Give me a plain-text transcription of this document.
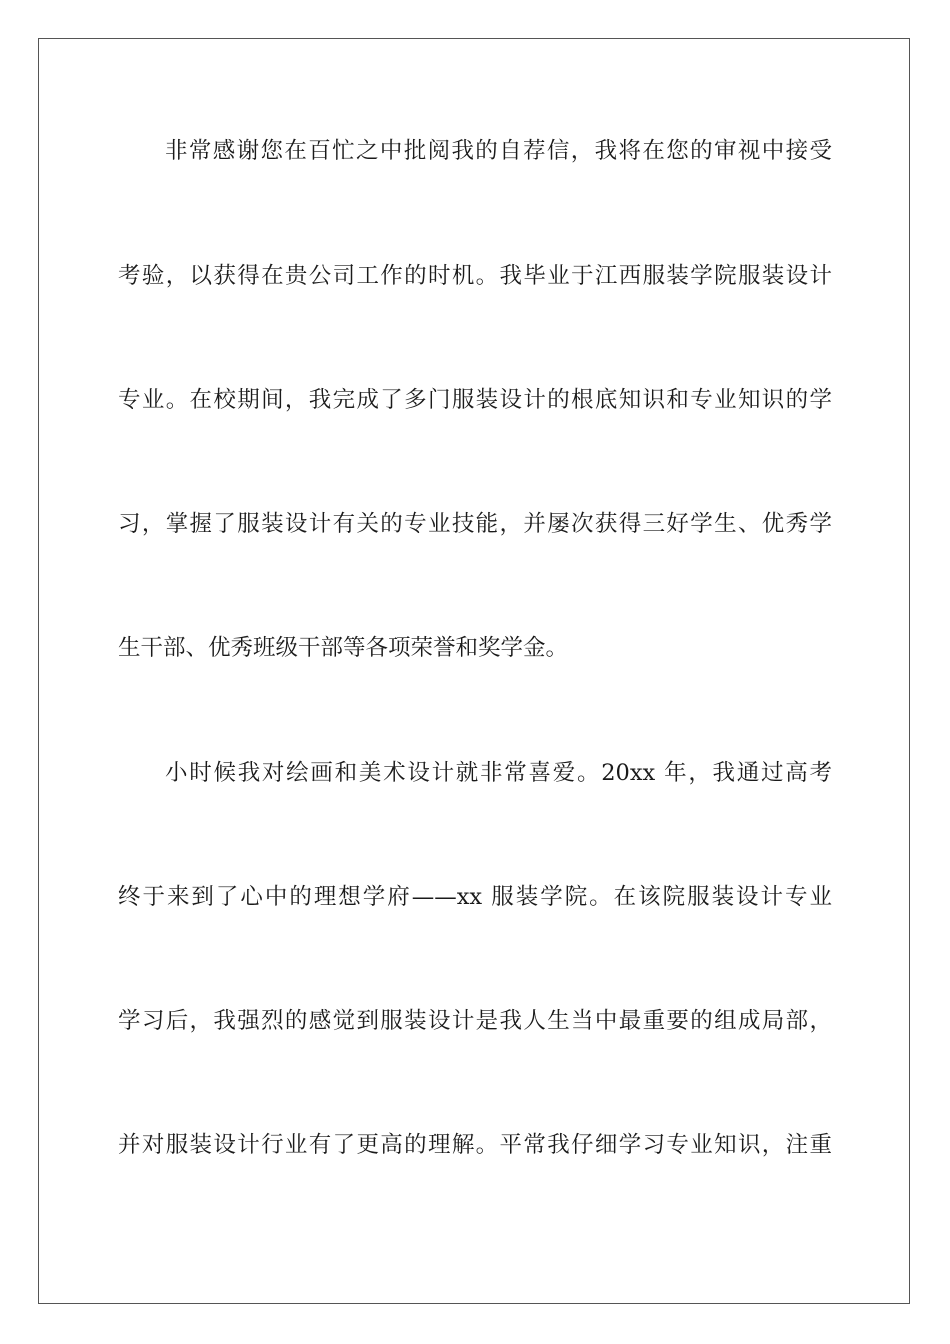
非常感谢您在百忙之中批阅我的自荐信，我将在您的审视中接受
考验，以获得在贵公司工作的时机。我毕业于江西服装学院服装设计
专业。在校期间，我完成了多门服装设计的根底知识和专业知识的学
习，掌握了服装设计有关的专业技能，并屡次获得三好学生、优秀学
生干部、优秀班级干部等各项荣誉和奖学金。
小时候我对绘画和美术设计就非常喜爱。20xx 年，我通过高考
终于来到了心中的理想学府——xx 服装学院。在该院服装设计专业
学习后，我强烈的感觉到服装设计是我人生当中最重要的组成局部，
并对服装设计行业有了更高的理解。平常我仔细学习专业知识，注重
